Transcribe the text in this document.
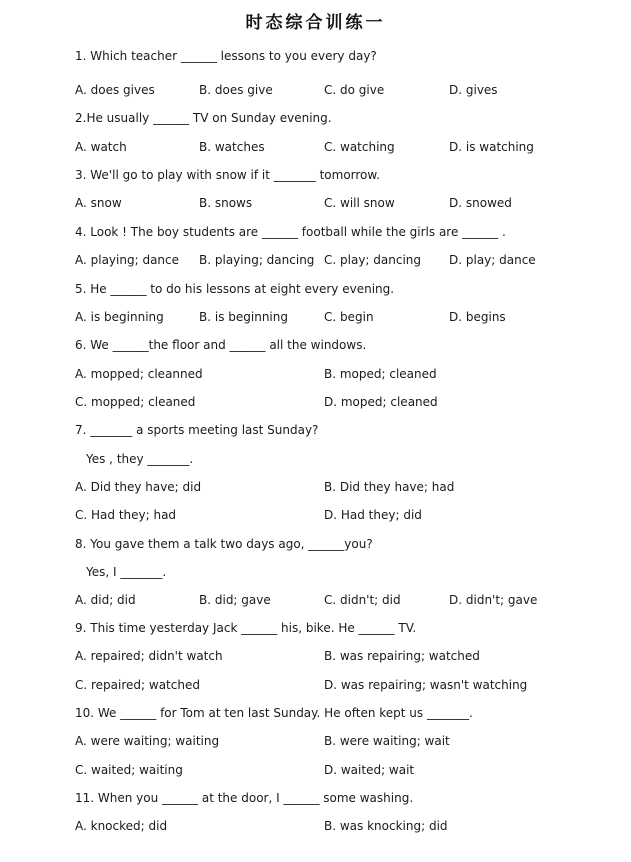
时态综合训练一
1. Which teacher ______ lessons to you every day?
A. does gives	B. does give	C. do give	D. gives
2.He usually ______ TV on Sunday evening.
A. watch	B. watches	C. watching	D. is watching
3. We'll go to play with snow if it _______ tomorrow.
A. snow	B. snows	C. will snow	D. snowed
4. Look ! The boy students are ______ football while the girls are ______ .
A. playing; dance B. playing; dancing C. play; dancing D. play; dance
5. He ______ to do his lessons at eight every evening.
A. is beginning	B. is beginning	C. begin	D. begins
6. We ______the floor and ______ all the windows.
A. mopped; cleanned	B. moped; cleaned
C. mopped; cleaned	D. moped; cleaned
7. _______ a sports meeting last Sunday?
Yes , they _______.
A. Did they have; did	B. Did they have; had
C. Had they; had	D. Had they; did
8. You gave them a talk two days ago, ______you?
Yes, I _______.
A. did; did	B. did; gave	C. didn't; did	D. didn't; gave
9. This time yesterday Jack ______ his, bike. He ______ TV.
A. repaired; didn't watch	B. was repairing; watched
C. repaired; watched	D. was repairing; wasn't watching
10. We ______ for Tom at ten last Sunday. He often kept us _______.
A. were waiting; waiting	B. were waiting; wait
C. waited; waiting	D. waited; wait
11. When you ______ at the door, I ______ some washing.
A. knocked; did	B. was knocking; did
